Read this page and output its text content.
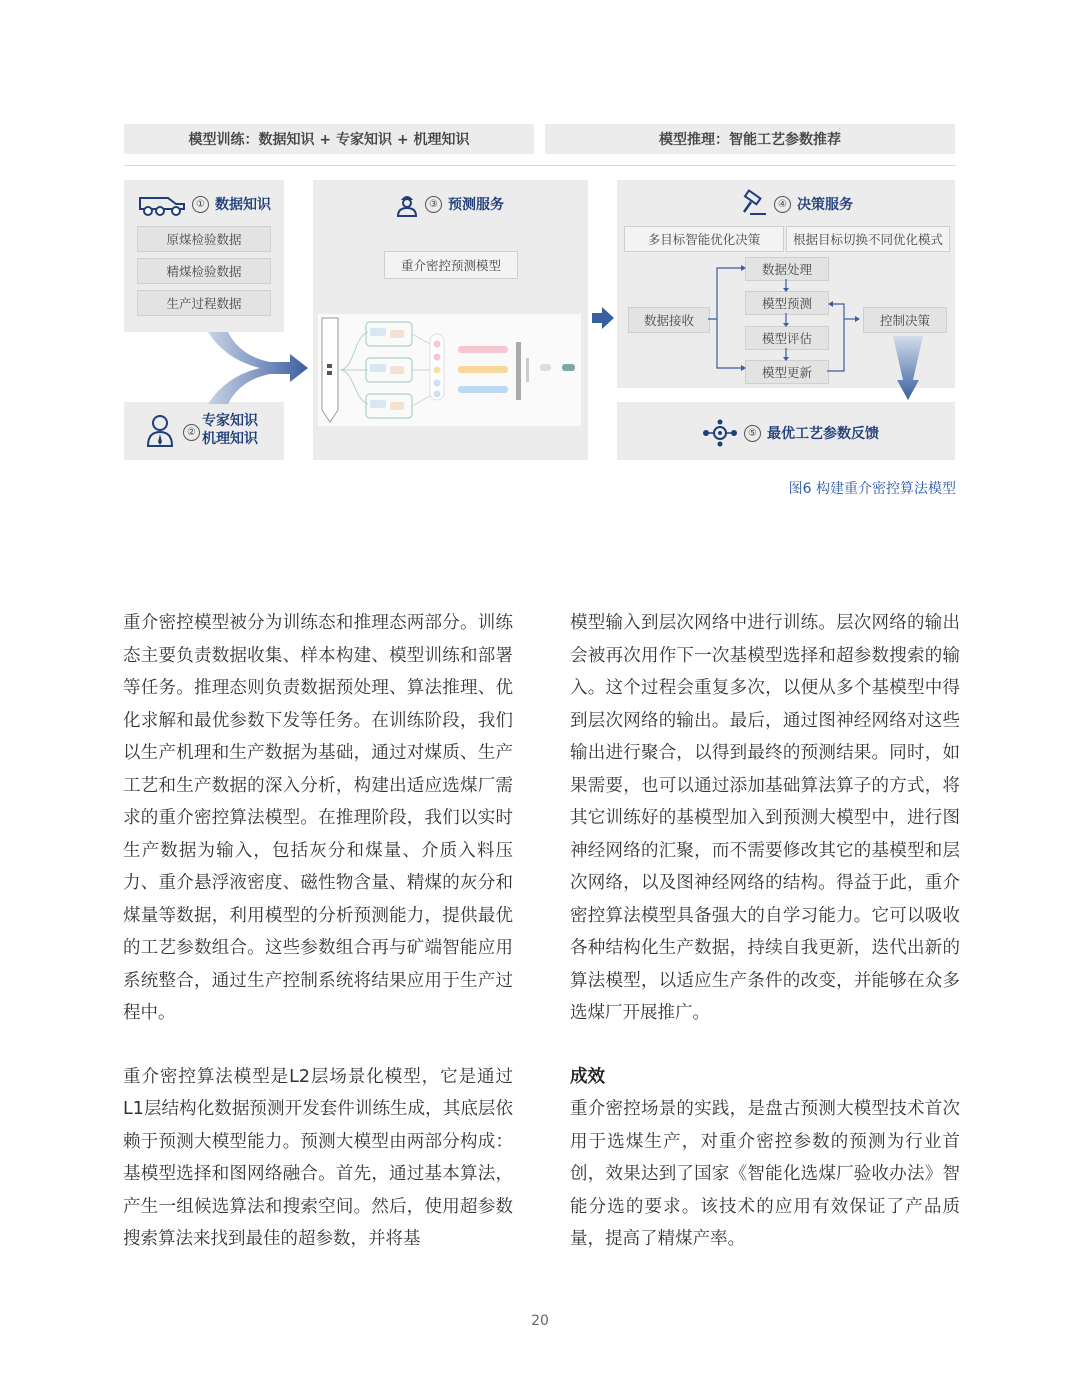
模型训练：数据知识 + 专家知识 + 机理知识	模型推理：智能工艺参数推荐
① 数据知识
原煤检验数据
精煤检验数据
生产过程数据
②
专家知识
机理知识
③ 预测服务
重介密控预测模型
④ 决策服务
多目标智能优化决策	根据目标切换不同优化模式
数据接收
数据处理
模型预测
模型评估
模型更新
控制决策
⑤ 最优工艺参数反馈
图6 构建重介密控算法模型

重介密控模型被分为训练态和推理态两部分。训练态主要负责数据收集、样本构建、模型训练和部署等任务。推理态则负责数据预处理、算法推理、优化求解和最优参数下发等任务。在训练阶段，我们以生产机理和生产数据为基础，通过对煤质、生产工艺和生产数据的深入分析，构建出适应选煤厂需求的重介密控算法模型。在推理阶段，我们以实时生产数据为输入，包括灰分和煤量、介质入料压力、重介悬浮液密度、磁性物含量、精煤的灰分和煤量等数据，利用模型的分析预测能力，提供最优的工艺参数组合。这些参数组合再与矿端智能应用系统整合，通过生产控制系统将结果应用于生产过程中。

重介密控算法模型是L2层场景化模型，它是通过L1层结构化数据预测开发套件训练生成，其底层依赖于预测大模型能力。预测大模型由两部分构成： 基模型选择和图网络融合。首先，通过基本算法，产生一组候选算法和搜索空间。然后，使用超参数搜索算法来找到最佳的超参数，并将基

模型输入到层次网络中进行训练。层次网络的输出会被再次用作下一次基模型选择和超参数搜索的输入。这个过程会重复多次，以便从多个基模型中得到层次网络的输出。最后，通过图神经网络对这些输出进行聚合，以得到最终的预测结果。同时，如果需要，也可以通过添加基础算法算子的方式，将其它训练好的基模型加入到预测大模型中，进行图神经网络的汇聚，而不需要修改其它的基模型和层次网络，以及图神经网络的结构。得益于此，重介密控算法模型具备强大的自学习能力。它可以吸收各种结构化生产数据，持续自我更新，迭代出新的算法模型，以适应生产条件的改变，并能够在众多选煤厂开展推广。

成效

重介密控场景的实践，是盘古预测大模型技术首次用于选煤生产，对重介密控参数的预测为行业首创，效果达到了国家《智能化选煤厂验收办法》智能分选的要求。该技术的应用有效保证了产品质量，提高了精煤产率。

20
